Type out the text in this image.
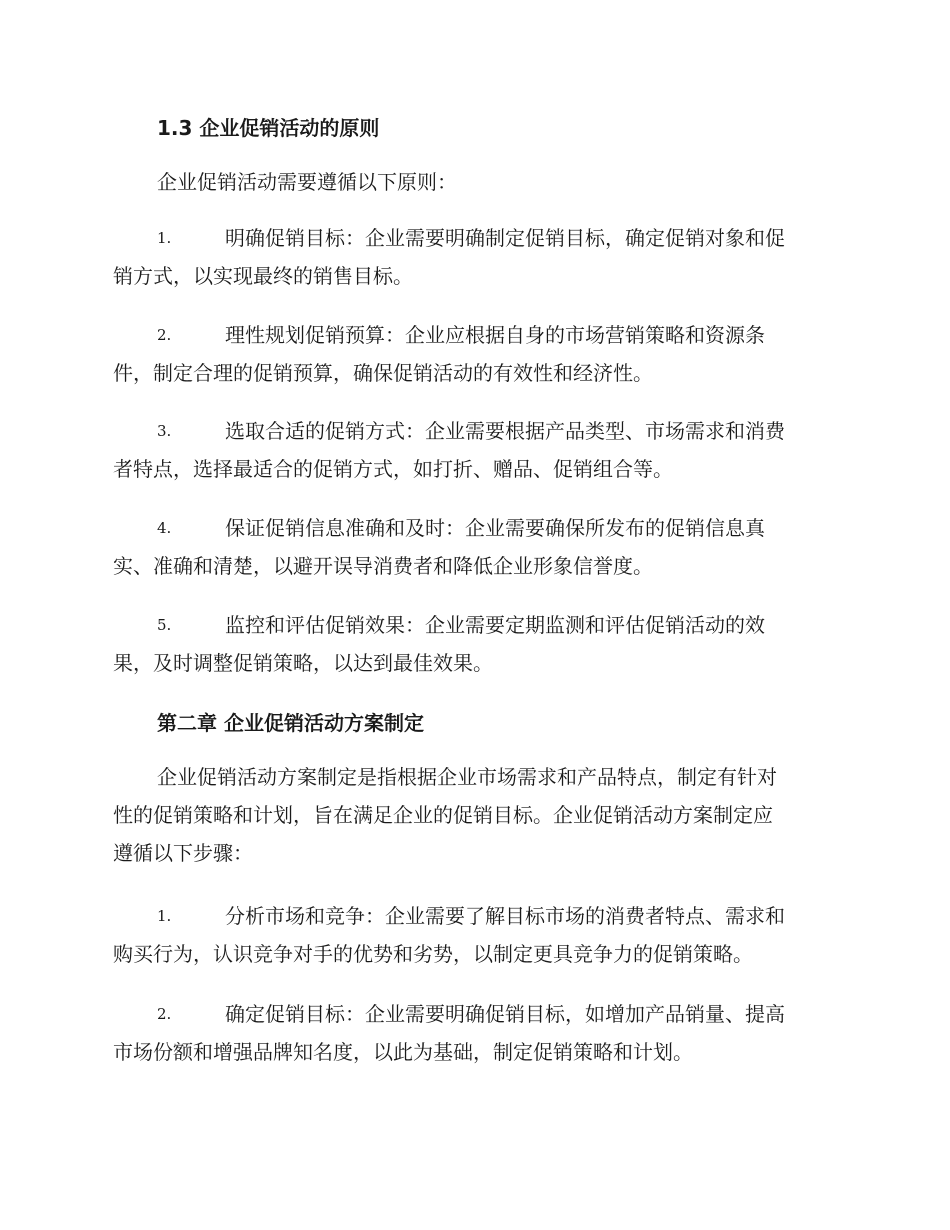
1.3 企业促销活动的原则
企业促销活动需要遵循以下原则：
1.	明确促销目标：企业需要明确制定促销目标，确定促销对象和促
销方式，以实现最终的销售目标。
2.	理性规划促销预算：企业应根据自身的市场营销策略和资源条
件，制定合理的促销预算，确保促销活动的有效性和经济性。
3.	选取合适的促销方式：企业需要根据产品类型、市场需求和消费
者特点，选择最适合的促销方式，如打折、赠品、促销组合等。
4.	保证促销信息准确和及时：企业需要确保所发布的促销信息真
实、准确和清楚，以避开误导消费者和降低企业形象信誉度。
5.	监控和评估促销效果：企业需要定期监测和评估促销活动的效
果，及时调整促销策略，以达到最佳效果。
第二章 企业促销活动方案制定
企业促销活动方案制定是指根据企业市场需求和产品特点，制定有针对
性的促销策略和计划，旨在满足企业的促销目标。企业促销活动方案制定应
遵循以下步骤：
1.	分析市场和竞争：企业需要了解目标市场的消费者特点、需求和
购买行为，认识竞争对手的优势和劣势，以制定更具竞争力的促销策略。
2.	确定促销目标：企业需要明确促销目标，如增加产品销量、提高
市场份额和增强品牌知名度，以此为基础，制定促销策略和计划。
